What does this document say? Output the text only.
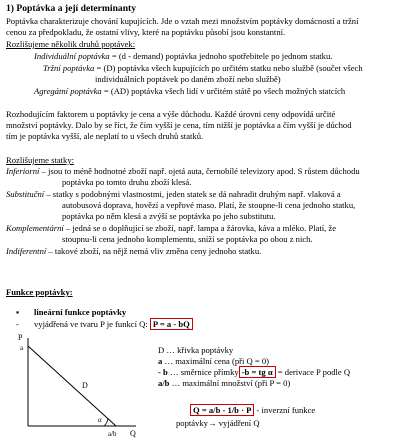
1) Poptávka a její determinanty
Poptávka charakterizuje chování kupujících. Jde o vztah mezi množstvím poptávky domácností a tržní
cenou za předpokladu, že ostatní vlivy, které na poptávku působí jsou konstantní.
Rozlišujeme několik druhů poptávek:
Individuální poptávka = (d - demand) poptávka jednoho spotřebitele po jednom statku.
Tržní poptávka = (D) poptávka všech kupujících po určitém statku nebo službě (součet všech
individuálních poptávek po daném zboží nebo službě)
Agregátní poptávka = (AD) poptávka všech lidí v určitém státě po všech možných statcích
Rozhodujícím faktorem u poptávky je cena a výše důchodu. Každé úrovni ceny odpovídá určité
množství poptávky. Dalo by se říct, že čím vyšší je cena, tím nižší je poptávka a čím vyšší je důchod
tím je poptávka vyšší, ale neplatí to u všech druhů statků.
Rozlišujeme statky:
Inferiorní – jsou to méně hodnotné zboží např. ojetá auta, černobílé televizory apod. S růstem důchodu
poptávka po tomto druhu zboží klesá.
Substituční – statky s podobnými vlastnostmi, jeden statek se dá nahradit druhým např. vlaková a
autobusová doprava, hovězí a vepřové maso. Platí, že stoupne-li cena jednoho statku,
poptávka po něm klesá a zvýší se poptávka po jeho substitutu.
Komplementární – jedná se o doplňující se zboží, např. lampa a žárovka, káva a mléko. Platí, že
stoupnu-li cena jednoho komplementu, sníží se poptávka po obou z nich.
Indiferentní – takové zboží, na nějž nemá vliv změna ceny jednoho statku.
Funkce poptávky:
▪ lineární funkce poptávky
- vyjádřená ve tvaru P je funkcí Q: P = a - bQ
P
a
D
α
a/b Q
D … křivka poptávky
a … maximální cena (při Q = 0)
- b … směrnice přímky -b = tg α = derivace P podle Q
a/b … maximální množství (při P = 0)
Q = a/b - 1/b · P - inverzní funkce
poptávky→ vyjádření Q
